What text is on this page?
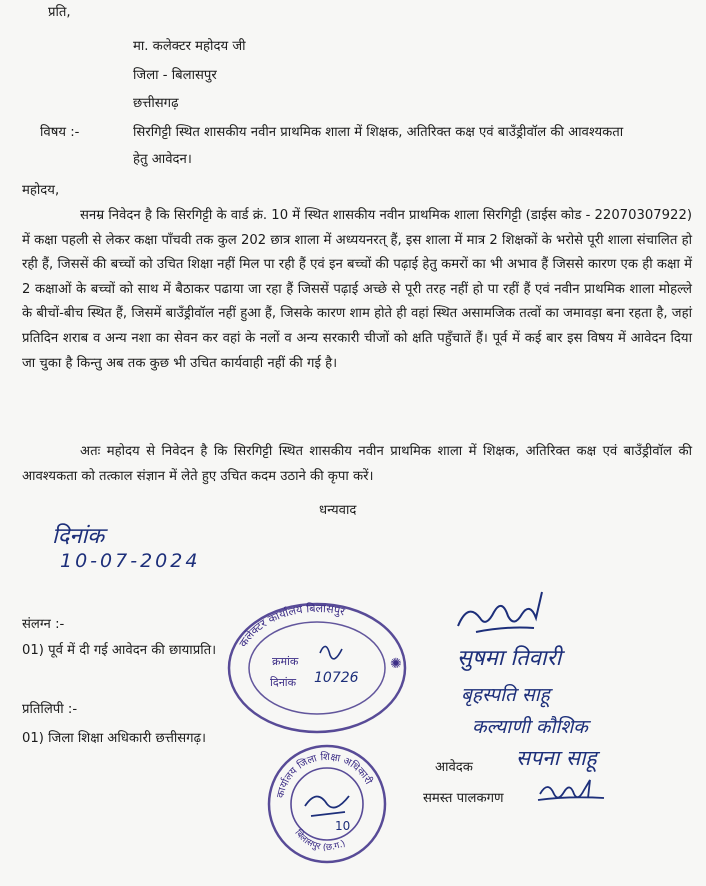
प्रति,
मा. कलेक्टर महोदय जी
जिला - बिलासपुर
छत्तीसगढ़
विषय :-	सिरगिट्टी स्थित शासकीय नवीन प्राथमिक शाला में शिक्षक, अतिरिक्त कक्ष एवं बाउँड्रीवॉल की आवश्यकता
हेतु आवेदन।
महोदय,
सनम्र निवेदन है कि सिरगिट्टी के वार्ड क्रं. 10 में स्थित शासकीय नवीन प्राथमिक शाला सिरगिट्टी (डाईस कोड - 22070307922) में कक्षा पहली से लेकर कक्षा पाँचवी तक कुल 202 छात्र शाला में अध्ययनरत् हैं, इस शाला में मात्र 2 शिक्षकों के भरोसे पूरी शाला संचालित हो रही हैं, जिससें की बच्चों को उचित शिक्षा नहीं मिल पा रही हैं एवं इन बच्चों की पढ़ाई हेतु कमरों का भी अभाव हैं जिससे कारण एक ही कक्षा में 2 कक्षाओं के बच्चों को साथ में बैठाकर पढाया जा रहा हैं जिससें पढ़ाई अच्छे से पूरी तरह नहीं हो पा रहीं हैं एवं नवीन प्राथमिक शाला मोहल्ले के बीचों-बीच स्थित हैं, जिसमें बाउँड्रीवॉल नहीं हुआ हैं, जिसके कारण शाम होते ही वहां स्थित असामजिक तत्वों का जमावड़ा बना रहता है, जहां प्रतिदिन शराब व अन्य नशा का सेवन कर वहां के नलों व अन्य सरकारी चीजों को क्षति पहुँचातें हैं। पूर्व में कई बार इस विषय में आवेदन दिया जा चुका है किन्तु अब तक कुछ भी उचित कार्यवाही नहीं की गई है।
अतः महोदय से निवेदन है कि सिरगिट्टी स्थित शासकीय नवीन प्राथमिक शाला में शिक्षक, अतिरिक्त कक्ष एवं बाउँड्रीवॉल की आवश्यकता को तत्काल संज्ञान में लेते हुए उचित कदम उठाने की कृपा करें।
धन्यवाद
दिनांक
10-07-2024
संलग्न :-
01) पूर्व में दी गई आवेदन की छायाप्रति।
प्रतिलिपी :-
01) जिला शिक्षा अधिकारी छत्तीसगढ़।
कलेक्टर कार्यालय बिलासपुर
क्रमांक
दिनांक 10726
✺
कार्यालय जिला शिक्षा अधिकारी
बिलासपुर (छ.ग.)
10
सुषमा तिवारी
बृहस्पति साहू
कल्याणी कौशिक
सपना साहू
आवेदक
समस्त पालकगण
